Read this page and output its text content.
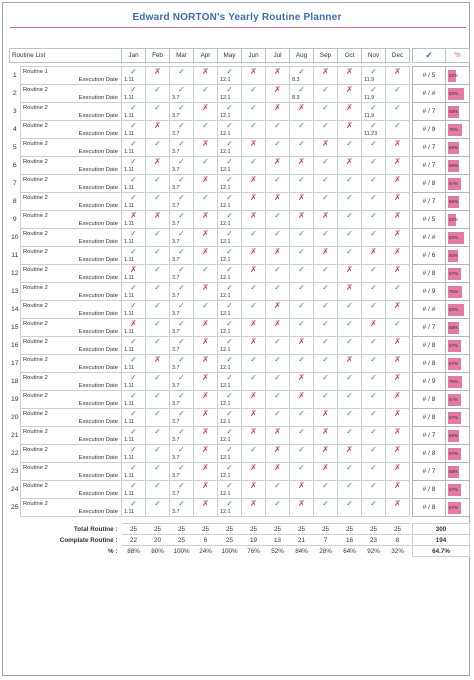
Edward NORTON's Yearly Routine Planner
Routine List		Jan	Feb	Mar	Apr	May	Jun	Jul	Aug	Sep	Oct	Nov	Dec		✓	%

1	Routine 1	✓	✗	✓	✗	✓	✗	✗	✓	✗	✗	✓	✗		# / 5	42%

	Execution Date	1.11				12.1			8.3			11.9				
2	Routine 2	✓	✓	✓	✓	✓	✓	✗	✓	✓	✗	✓	✓		# / #	83%

	Execution Date	1.11		3.7		12.1			8.3			11.9				
3	Routine 2	✓	✓	✓	✗	✓	✓	✗	✗	✓	✗	✓	✓		# / 7	58%

	Execution Date	1.11		3.7		12.1						11.9				
4	Routine 2	✓	✗	✓	✓	✓	✓	✓	✓	✓	✗	✓	✓		# / 9	75%

	Execution Date	1.11		3.7		12.1						11.23				
5	Routine 2	✓	✓	✓	✗	✓	✗	✓	✓	✗	✓	✓	✗		# / 7	58%

	Execution Date	1.11		3.7		12.1										
6	Routine 2	✓	✗	✓	✓	✓	✓	✗	✗	✓	✗	✓	✗		# / 7	58%

	Execution Date	1.11		3.7		12.1										
7	Routine 2	✓	✓	✓	✗	✓	✗	✓	✓	✓	✓	✓	✗		# / 8	67%

	Execution Date	1.11		3.7		12.1										
8	Routine 2	✓	✓	✓	✓	✓	✗	✗	✗	✓	✓	✓	✗		# / 7	58%

	Execution Date	1.11		3.7		12.1										
9	Routine 2	✗	✗	✓	✗	✓	✗	✓	✗	✗	✓	✓	✗		# / 5	42%

	Execution Date	1.11		3.7		12.1										
10	Routine 2	✓	✓	✓	✗	✓	✓	✓	✓	✓	✓	✓	✗		# / #	83%

	Execution Date	1.11		3.7		12.1										
11	Routine 2	✓	✓	✓	✗	✓	✗	✗	✓	✗	✓	✗	✗		# / 6	50%

	Execution Date	1.11		3.7		12.1										
12	Routine 2	✗	✓	✓	✓	✓	✗	✓	✓	✓	✗	✓	✗		# / 8	67%

	Execution Date	1.11		3.7		12.1										
13	Routine 2	✓	✓	✓	✗	✓	✓	✓	✓	✓	✗	✓	✓		# / 9	75%

	Execution Date	1.11		3.7		12.1										
14	Routine 2	✓	✓	✓	✓	✓	✓	✗	✓	✓	✓	✓	✗		# / #	83%

	Execution Date	1.11		3.7		12.1										
15	Routine 2	✗	✓	✓	✗	✓	✗	✗	✓	✓	✓	✗	✓		# / 7	58%

	Execution Date	1.11		3.7		12.1										
16	Routine 2	✓	✓	✓	✗	✓	✗	✓	✗	✓	✓	✓	✗		# / 8	67%

	Execution Date	1.11		3.7		12.1										
17	Routine 2	✓	✗	✓	✗	✓	✓	✓	✓	✓	✗	✓	✗		# / 8	67%

	Execution Date	1.11		3.7		12.1										
18	Routine 2	✓	✓	✓	✗	✓	✓	✓	✗	✓	✓	✓	✗		# / 9	75%

	Execution Date	1.11		3.7		12.1										
19	Routine 2	✓	✓	✓	✗	✓	✗	✓	✗	✓	✓	✓	✗		# / 8	67%

	Execution Date	1.11		3.7		12.1										
20	Routine 2	✓	✓	✓	✗	✓	✗	✓	✓	✗	✓	✓	✗		# / 8	67%

	Execution Date	1.11		3.7		12.1										
21	Routine 2	✓	✓	✓	✗	✓	✗	✗	✓	✗	✓	✓	✗		# / 7	58%

	Execution Date	1.11		3.7		12.1										
22	Routine 2	✓	✓	✓	✗	✓	✓	✗	✓	✗	✗	✓	✗		# / 8	67%

	Execution Date	1.11		3.7		12.1										
23	Routine 2	✓	✓	✓	✗	✓	✗	✗	✓	✗	✓	✓	✗		# / 7	58%

	Execution Date	1.11		3.7		12.1										
24	Routine 2	✓	✓	✓	✗	✓	✗	✓	✗	✓	✓	✓	✗		# / 8	67%

	Execution Date	1.11		3.7		12.1										
25	Routine 2	✓	✓	✓	✗	✓	✗	✓	✗	✓	✓	✓	✗		# / 8	67%

	Execution Date	1.11		3.7		12.1										

Total Routine :		25	25	25	25	25	25	25	25	25	25	25	25		300	
Complate Routine :		22	20	25	6	25	19	13	21	7	16	23	8		194	
% :		88%	80%	100%	24%	100%	76%	52%	84%	28%	64%	92%	32%		64.7%	
